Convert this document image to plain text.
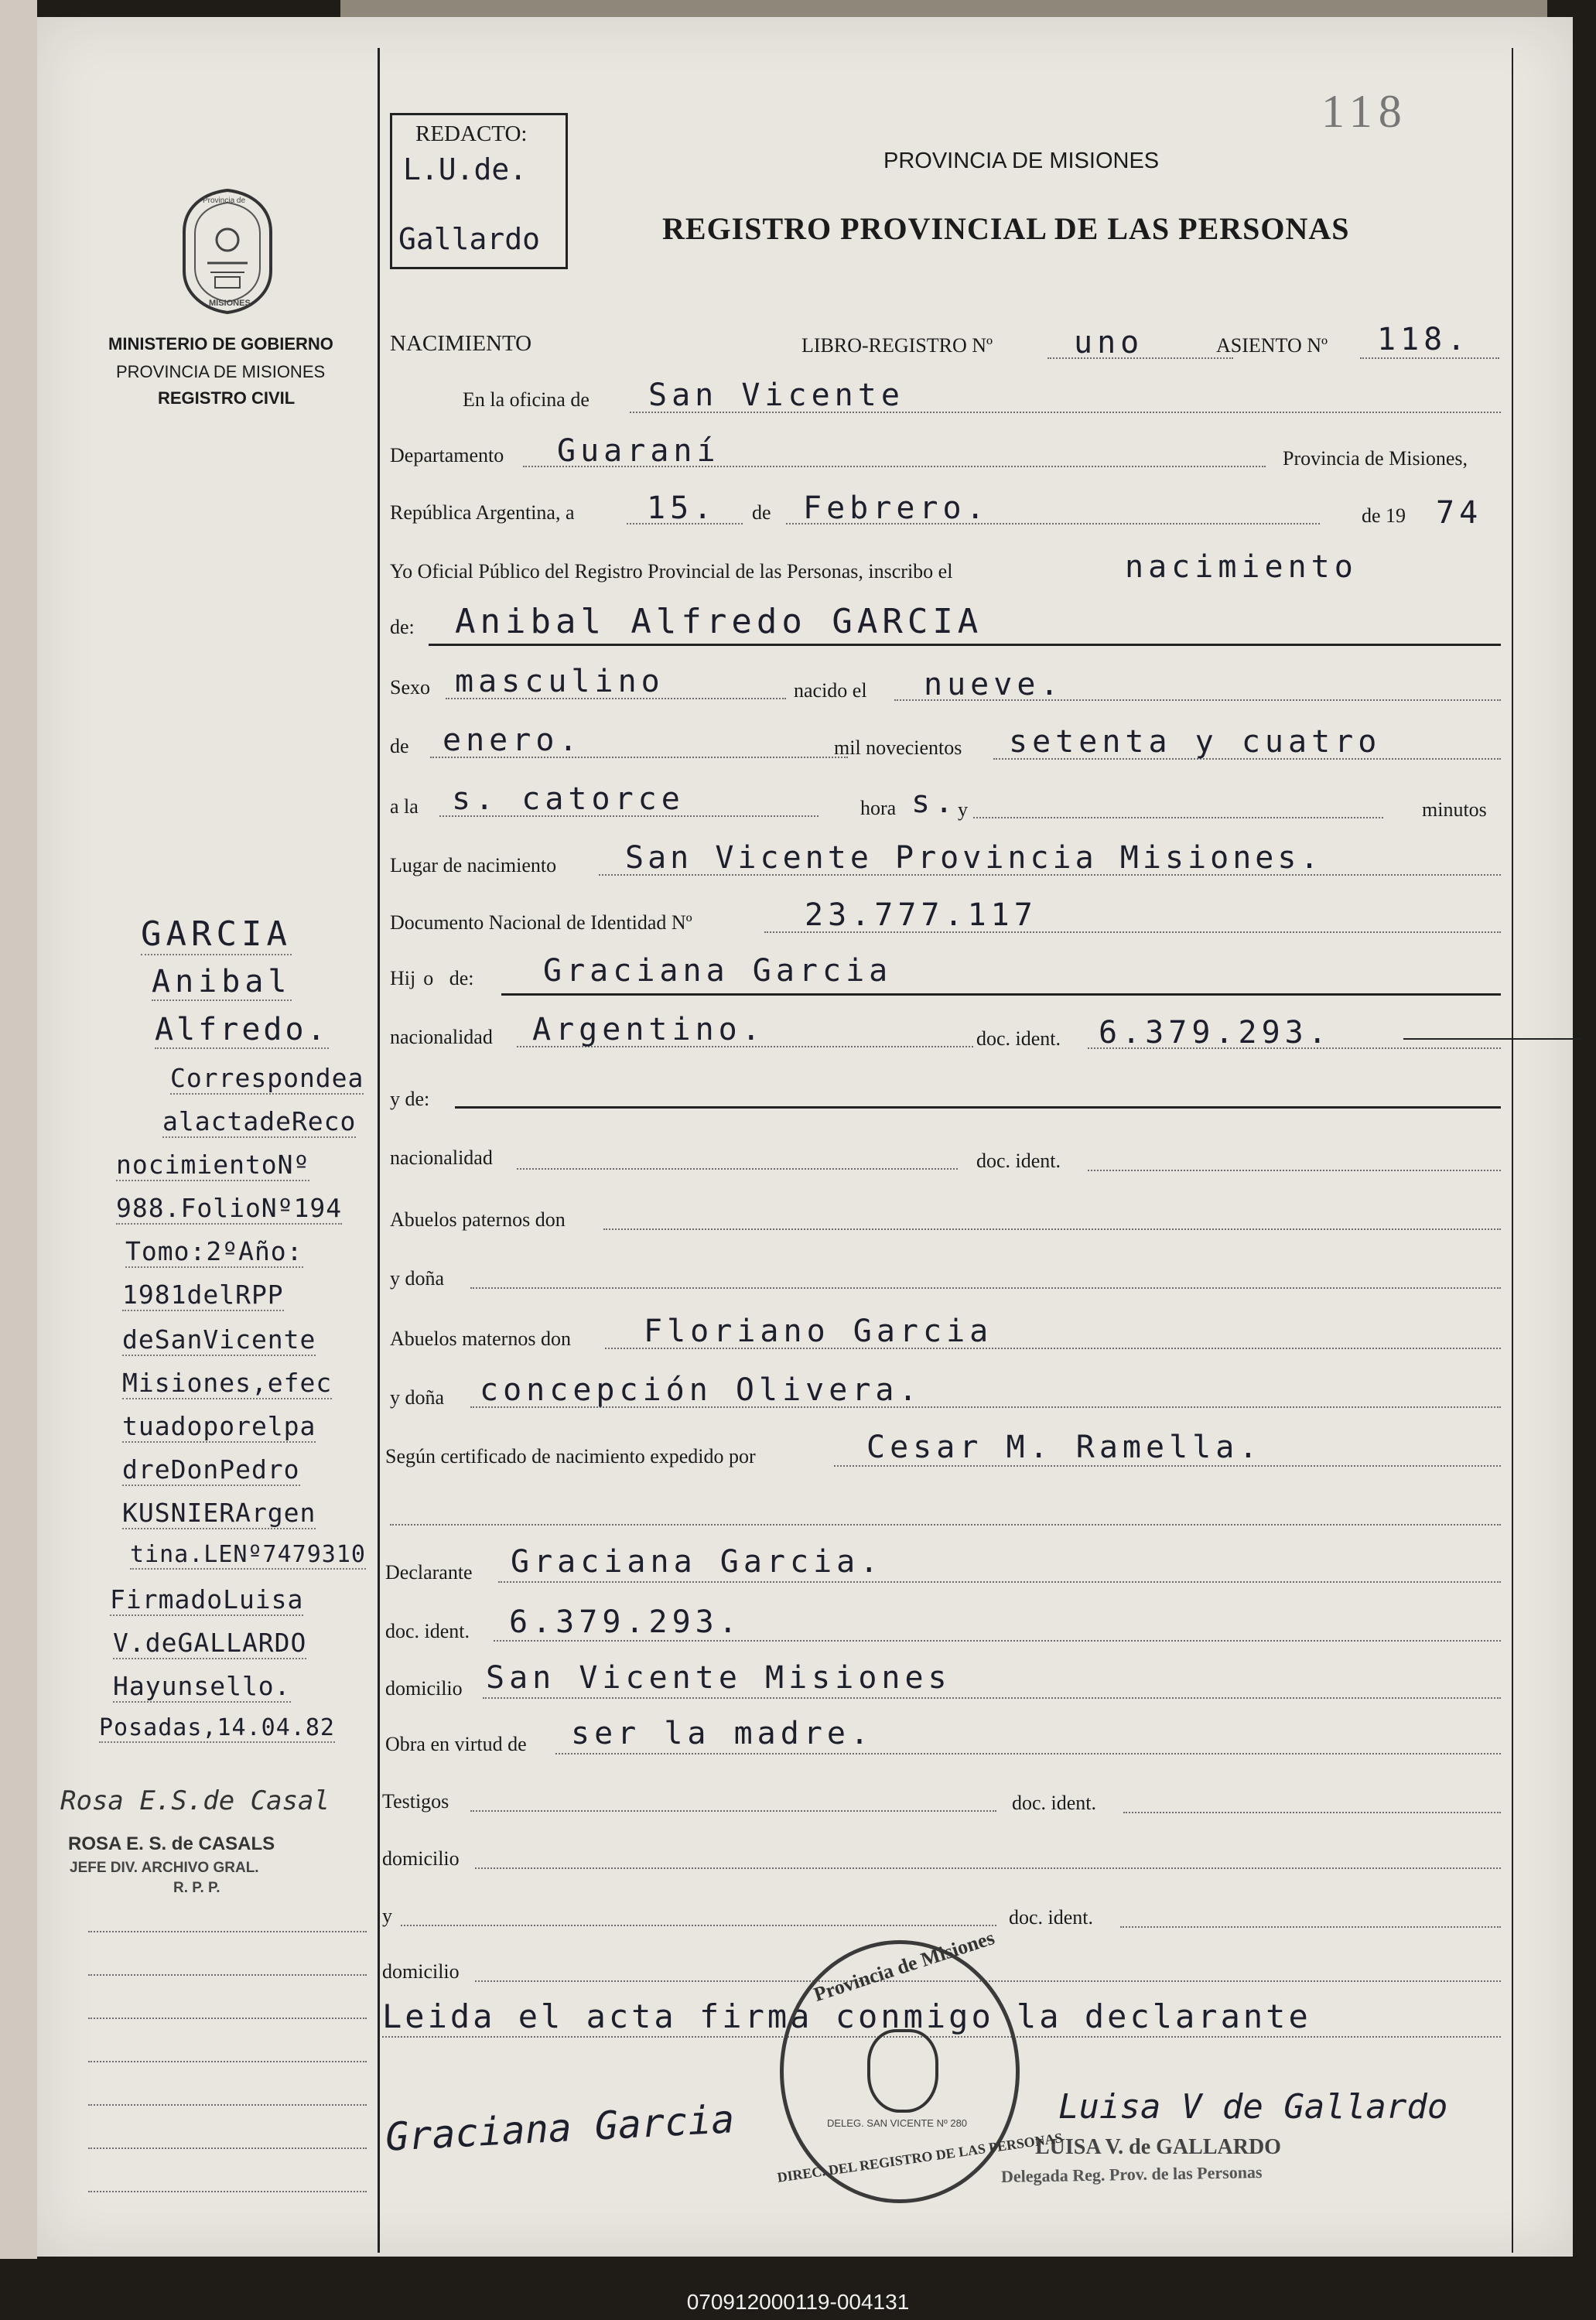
118
REDACTO:
L.U.de.
Gallardo
PROVINCIA DE MISIONES
REGISTRO PROVINCIAL DE LAS PERSONAS
Provincia de
MISIONES
MINISTERIO DE GOBIERNO
PROVINCIA DE MISIONES
REGISTRO CIVIL
NACIMIENTO	LIBRO-REGISTRO Nº	uno	ASIENTO Nº 118.
En la oficina de San Vicente
Departamento Guaraní	Provincia de Misiones,
República Argentina, a 15. de Febrero.	de 19 74
Yo Oficial Público del Registro Provincial de las Personas, inscribo el	nacimiento
de: Anibal Alfredo GARCIA
Sexo masculino	nacido el nueve.
de enero.	mil novecientos setenta y cuatro
a la s. catorce	hora s. y	minutos
Lugar de nacimiento San Vicente Provincia Misiones.
Documento Nacional de Identidad Nº	23.777.117
Hij o de: Graciana Garcia
nacionalidad Argentino.	doc. ident. 6.379.293.
y de:
nacionalidad	doc. ident.
Abuelos paternos don
y doña
Abuelos maternos don Floriano Garcia
y doña concepción Olivera.
Según certificado de nacimiento expedido por	Cesar M. Ramella.
Declarante Graciana Garcia.
doc. ident. 6.379.293.
domicilio San Vicente Misiones
Obra en virtud de ser la madre.
Testigos	doc. ident.
domicilio
y	doc. ident.
domicilio
Leida el acta firma conmigo la declarante
Graciana Garcia	Luisa V de Gallardo
LUISA V. de GALLARDO
Delegada Reg. Prov. de las Personas
Provincia de Misiones
DELEG. SAN VICENTE Nº 280
DIREC. DEL REGISTRO DE LAS PERSONAS
GARCIA
Anibal
Alfredo.
Correspondea
alactadeReco
nocimientoNº
988.FolioNº194
Tomo:2ºAño:
1981delRPP
deSanVicente
Misiones,efec
tuadoporelpa
dreDonPedro
KUSNIERArgen
tina.LENº7479310
FirmadoLuisa
V.deGALLARDO
Hayunsello.
Posadas,14.04.82
Rosa E.S.de Casal
ROSA E. S. de CASALS
JEFE DIV. ARCHIVO GRAL.
R. P. P.
070912000119-004131
